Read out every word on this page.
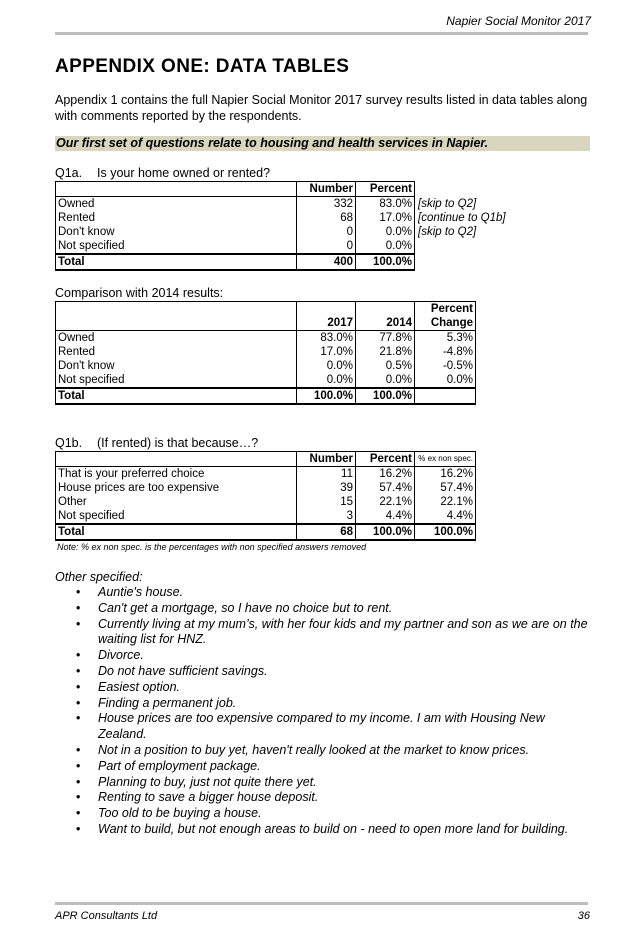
Napier Social Monitor 2017
APPENDIX ONE: DATA TABLES

Appendix 1 contains the full Napier Social Monitor 2017 survey results listed in data tables along with comments reported by the respondents.

Our first set of questions relate to housing and health services in Napier.
Q1a. Is your home owned or rented?
	Number	Percent	
Owned	332	83.0%	[skip to Q2]
Rented	68	17.0%	[continue to Q1b]
Don't know	0	0.0%	[skip to Q2]
Not specified	0	0.0%	
Total	400	100.0%	
Comparison with 2014 results:
	2017	2014	Percent
			Change
Owned	83.0%	77.8%	5.3%
Rented	17.0%	21.8%	-4.8%
Don't know	0.0%	0.5%	-0.5%
Not specified	0.0%	0.0%	0.0%
Total	100.0%	100.0%	
Q1b. (If rented) is that because…?
	Number	Percent	% ex non spec.
That is your preferred choice	11	16.2%	16.2%
House prices are too expensive	39	57.4%	57.4%
Other	15	22.1%	22.1%
Not specified	3	4.4%	4.4%
Total	68	100.0%	100.0%
Note: % ex non spec. is the percentages with non specified answers removed
Other specified:
• Auntie's house.
• Can't get a mortgage, so I have no choice but to rent.
• Currently living at my mum’s, with her four kids and my partner and son as we are on the waiting list for HNZ.
• Divorce.
• Do not have sufficient savings.
• Easiest option.
• Finding a permanent job.
• House prices are too expensive compared to my income. I am with Housing New Zealand.
• Not in a position to buy yet, haven't really looked at the market to know prices.
• Part of employment package.
• Planning to buy, just not quite there yet.
• Renting to save a bigger house deposit.
• Too old to be buying a house.
• Want to build, but not enough areas to build on - need to open more land for building.
APR Consultants Ltd	36
